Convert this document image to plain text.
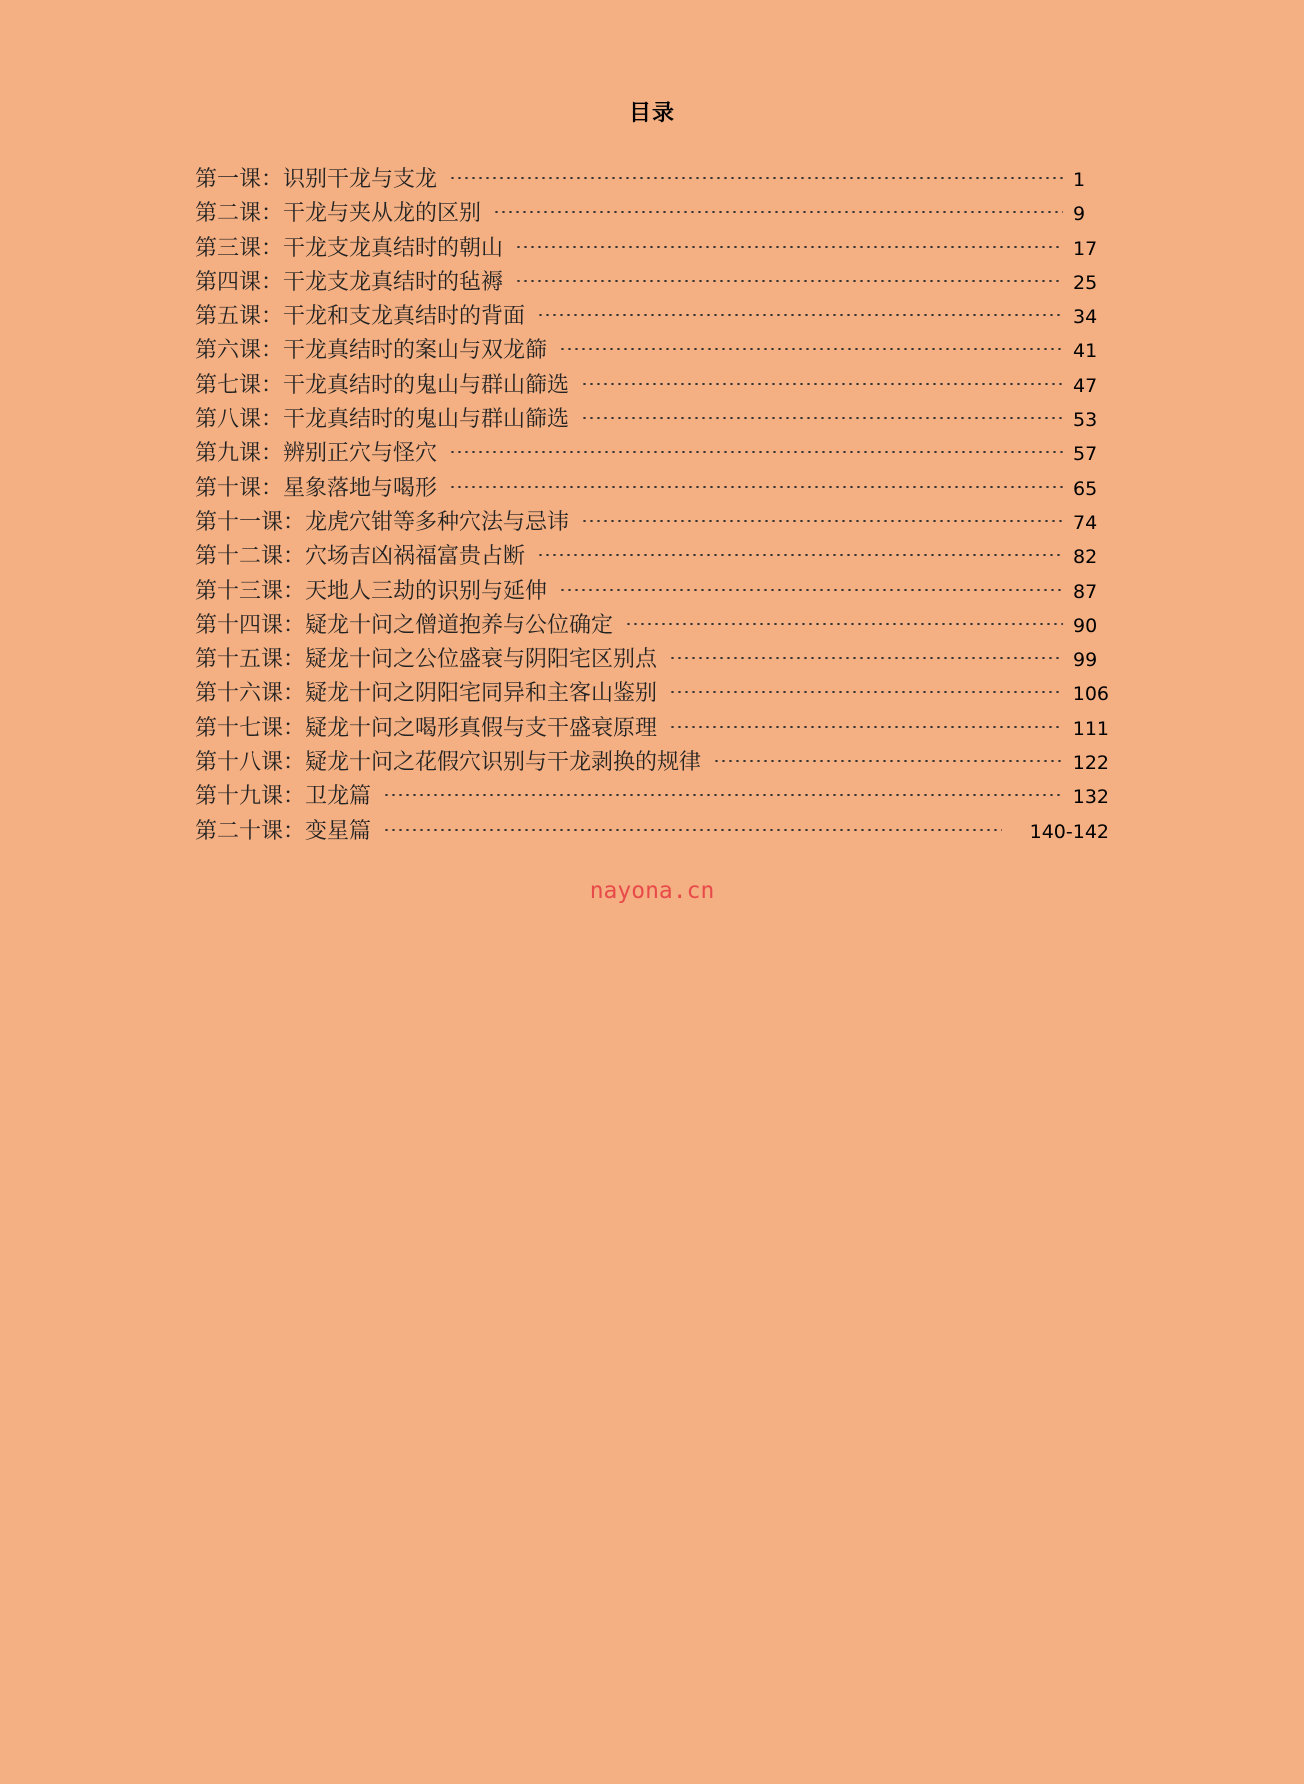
目录
第一课：识别干龙与支龙	1
第二课：干龙与夹从龙的区别	9
第三课：干龙支龙真结时的朝山	17
第四课：干龙支龙真结时的毡褥	25
第五课：干龙和支龙真结时的背面	34
第六课：干龙真结时的案山与双龙篩	41
第七课：干龙真结时的鬼山与群山篩选	47
第八课：干龙真结时的鬼山与群山篩选	53
第九课：辨别正穴与怪穴	57
第十课：星象落地与喝形	65
第十一课：龙虎穴钳等多种穴法与忌讳	74
第十二课：穴场吉凶祸福富贵占断	82
第十三课：天地人三劫的识别与延伸	87
第十四课：疑龙十问之僧道抱养与公位确定	90
第十五课：疑龙十问之公位盛衰与阴阳宅区别点	99
第十六课：疑龙十问之阴阳宅同异和主客山鉴别	106
第十七课：疑龙十问之喝形真假与支干盛衰原理	111
第十八课：疑龙十问之花假穴识别与干龙剥换的规律	122
第十九课：卫龙篇	132
第二十课：变星篇	140-142
nayona.cn
